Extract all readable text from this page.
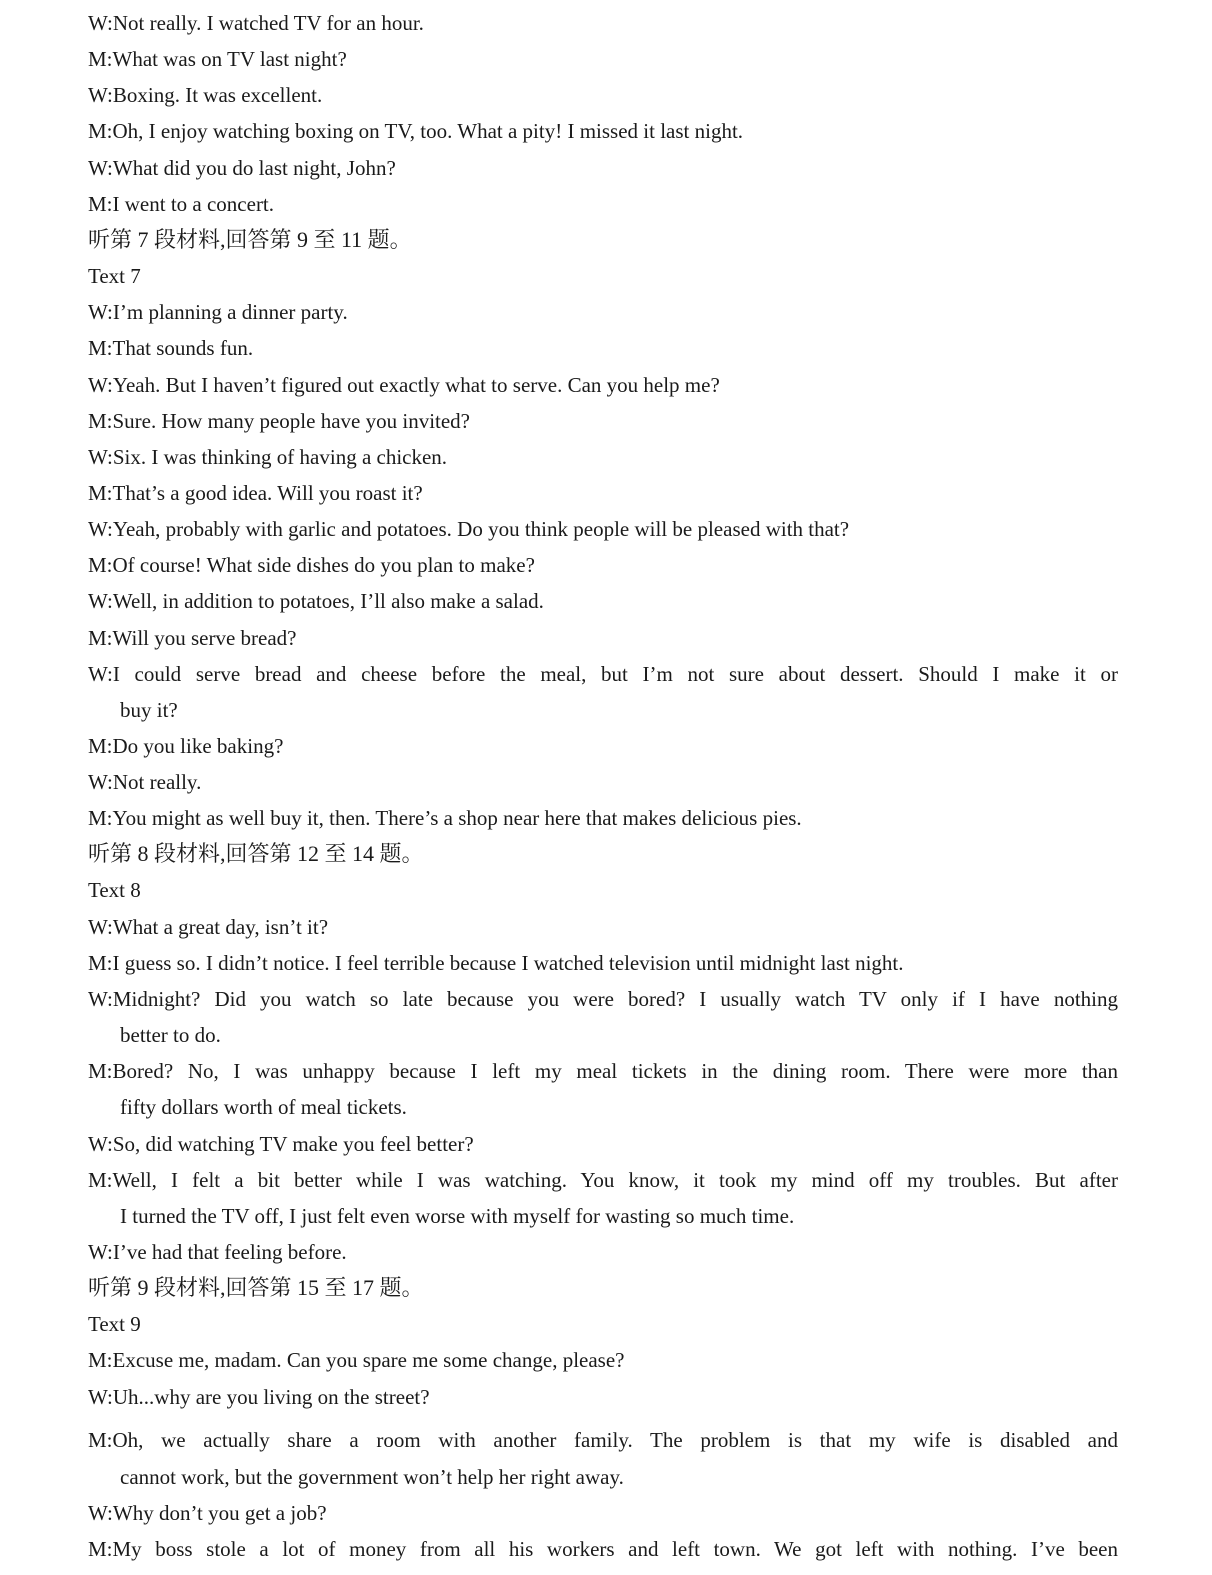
W:Not really. I watched TV for an hour.
M:What was on TV last night?
W:Boxing. It was excellent.
M:Oh, I enjoy watching boxing on TV, too. What a pity! I missed it last night.
W:What did you do last night, John?
M:I went to a concert.
听第 7 段材料,回答第 9 至 11 题。
Text 7
W:I’m planning a dinner party.
M:That sounds fun.
W:Yeah. But I haven’t figured out exactly what to serve. Can you help me?
M:Sure. How many people have you invited?
W:Six. I was thinking of having a chicken.
M:That’s a good idea. Will you roast it?
W:Yeah, probably with garlic and potatoes. Do you think people will be pleased with that?
M:Of course! What side dishes do you plan to make?
W:Well, in addition to potatoes, I’ll also make a salad.
M:Will you serve bread?
W:I could serve bread and cheese before the meal, but I’m not sure about dessert. Should I make it or
buy it?
M:Do you like baking?
W:Not really.
M:You might as well buy it, then. There’s a shop near here that makes delicious pies.
听第 8 段材料,回答第 12 至 14 题。
Text 8
W:What a great day, isn’t it?
M:I guess so. I didn’t notice. I feel terrible because I watched television until midnight last night.
W:Midnight? Did you watch so late because you were bored? I usually watch TV only if I have nothing
better to do.
M:Bored? No, I was unhappy because I left my meal tickets in the dining room. There were more than
fifty dollars worth of meal tickets.
W:So, did watching TV make you feel better?
M:Well, I felt a bit better while I was watching. You know, it took my mind off my troubles. But after
I turned the TV off, I just felt even worse with myself for wasting so much time.
W:I’ve had that feeling before.
听第 9 段材料,回答第 15 至 17 题。
Text 9
M:Excuse me, madam. Can you spare me some change, please?
W:Uh...why are you living on the street?
M:Oh, we actually share a room with another family. The problem is that my wife is disabled and
cannot work, but the government won’t help her right away.
W:Why don’t you get a job?
M:My boss stole a lot of money from all his workers and left town. We got left with nothing. I’ve been
